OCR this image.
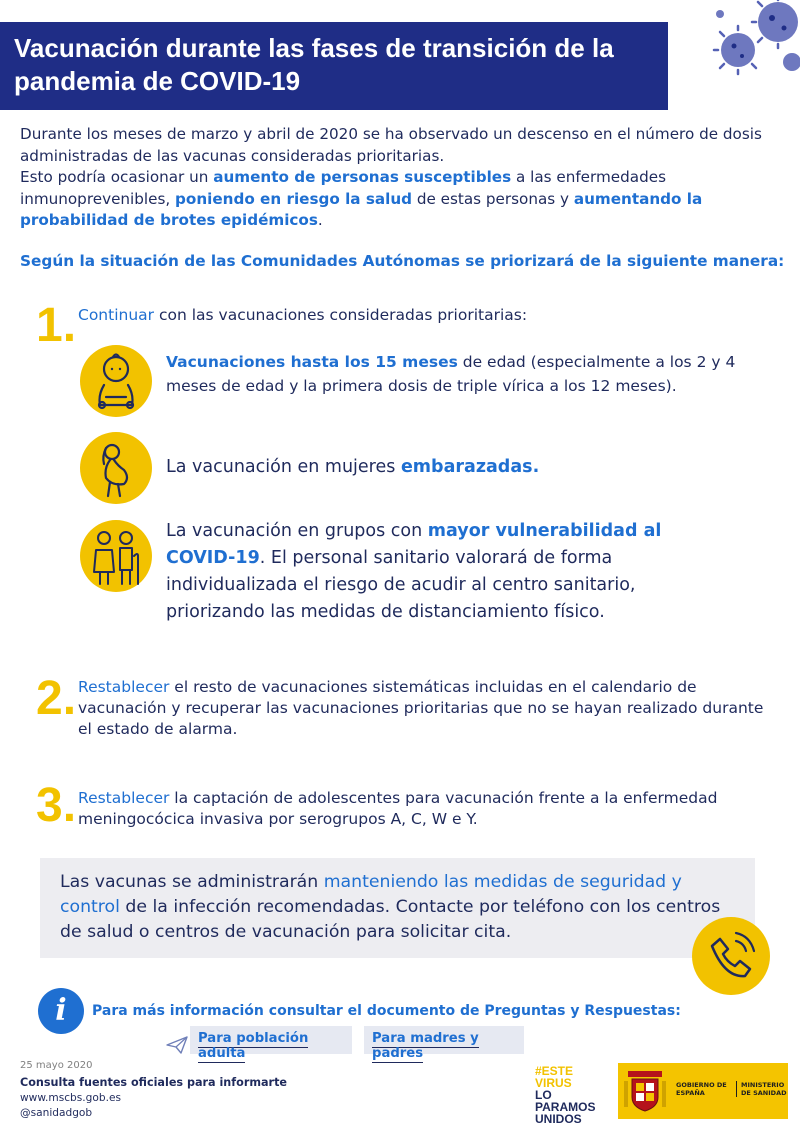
Vacunación durante las fases de transición de la pandemia de COVID-19

Durante los meses de marzo y abril de 2020 se ha observado un descenso en el número de dosis administradas de las vacunas consideradas prioritarias.

Esto podría ocasionar un aumento de personas susceptibles a las enfermedades inmunoprevenibles, poniendo en riesgo la salud de estas personas y aumentando la probabilidad de brotes epidémicos.

Según la situación de las Comunidades Autónomas se priorizará de la siguiente manera:
1. Continuar con las vacunaciones consideradas prioritarias:
Vacunaciones hasta los 15 meses de edad (especialmente a los 2 y 4 meses de edad y la primera dosis de triple vírica a los 12 meses).
La vacunación en mujeres embarazadas.
La vacunación en grupos con mayor vulnerabilidad al COVID-19. El personal sanitario valorará de forma individualizada el riesgo de acudir al centro sanitario, priorizando las medidas de distanciamiento físico.
2. Restablecer el resto de vacunaciones sistemáticas incluidas en el calendario de vacunación y recuperar las vacunaciones prioritarias que no se hayan realizado durante el estado de alarma.
3. Restablecer la captación de adolescentes para vacunación frente a la enfermedad meningocócica invasiva por serogrupos A, C, W e Y.
Las vacunas se administrarán manteniendo las medidas de seguridad y control de la infección recomendadas. Contacte por teléfono con los centros de salud o centros de vacunación para solicitar cita.
i	Para más información consultar el documento de Preguntas y Respuestas:
Para población adulta
Para madres y padres
25 mayo 2020
Consulta fuentes oficiales para informarte
www.mscbs.gob.es
@sanidadgob
#ESTE
VIRUS
LO
PARAMOS
UNIDOS
GOBIERNO DE ESPAÑA
MINISTERIO DE SANIDAD
